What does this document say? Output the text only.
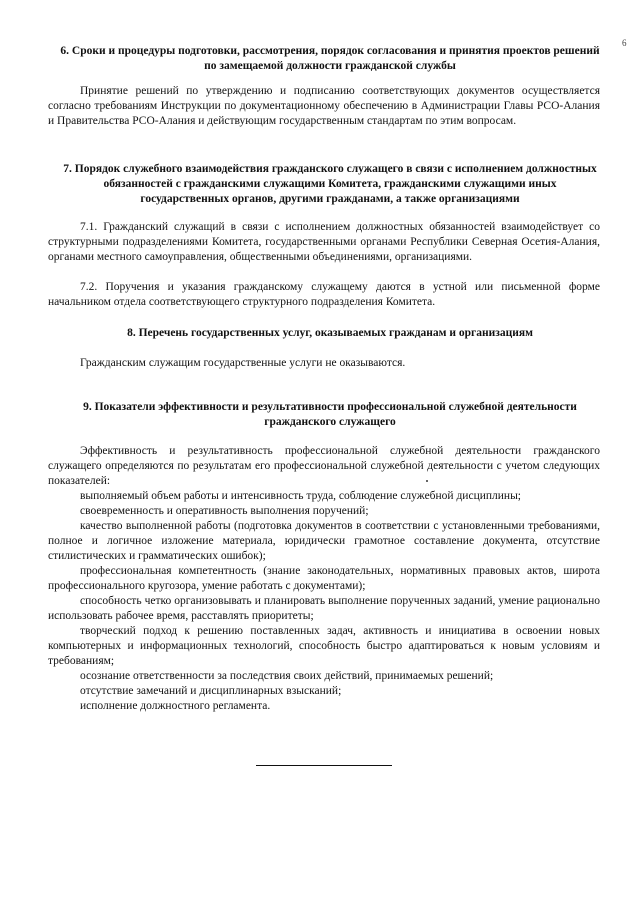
6
6. Сроки и процедуры подготовки, рассмотрения, порядок согласования и принятия проектов решений по замещаемой должности гражданской службы
Принятие решений по утверждению и подписанию соответствующих документов осуществляется согласно требованиям Инструкции по документационному обеспечению в Администрации Главы РСО-Алания и Правительства РСО-Алания и действующим государственным стандартам по этим вопросам.
7. Порядок служебного взаимодействия гражданского служащего в связи с исполнением должностных обязанностей с гражданскими служащими Комитета, гражданскими служащими иных государственных органов, другими гражданами, а также организациями
7.1. Гражданский служащий в связи с исполнением должностных обязанностей взаимодействует со структурными подразделениями Комитета, государственными органами Республики Северная Осетия-Алания, органами местного самоуправления, общественными объединениями, организациями.
7.2. Поручения и указания гражданскому служащему даются в устной или письменной форме начальником отдела соответствующего структурного подразделения Комитета.
8. Перечень государственных услуг, оказываемых гражданам и организациям
Гражданским служащим государственные услуги не оказываются.
9. Показатели эффективности и результативности профессиональной служебной деятельности гражданского служащего
Эффективность и результативность профессиональной служебной деятельности гражданского служащего определяются по результатам его профессиональной служебной деятельности с учетом следующих показателей:
выполняемый объем работы и интенсивность труда, соблюдение служебной дисциплины;
своевременность и оперативность выполнения поручений;
качество выполненной работы (подготовка документов в соответствии с установленными требованиями, полное и логичное изложение материала, юридически грамотное составление документа, отсутствие стилистических и грамматических ошибок);
профессиональная компетентность (знание законодательных, нормативных правовых актов, широта профессионального кругозора, умение работать с документами);
способность четко организовывать и планировать выполнение порученных заданий, умение рационально использовать рабочее время, расставлять приоритеты;
творческий подход к решению поставленных задач, активность и инициатива в освоении новых компьютерных и информационных технологий, способность быстро адаптироваться к новым условиям и требованиям;
осознание ответственности за последствия своих действий, принимаемых решений;
отсутствие замечаний и дисциплинарных взысканий;
исполнение должностного регламента.
